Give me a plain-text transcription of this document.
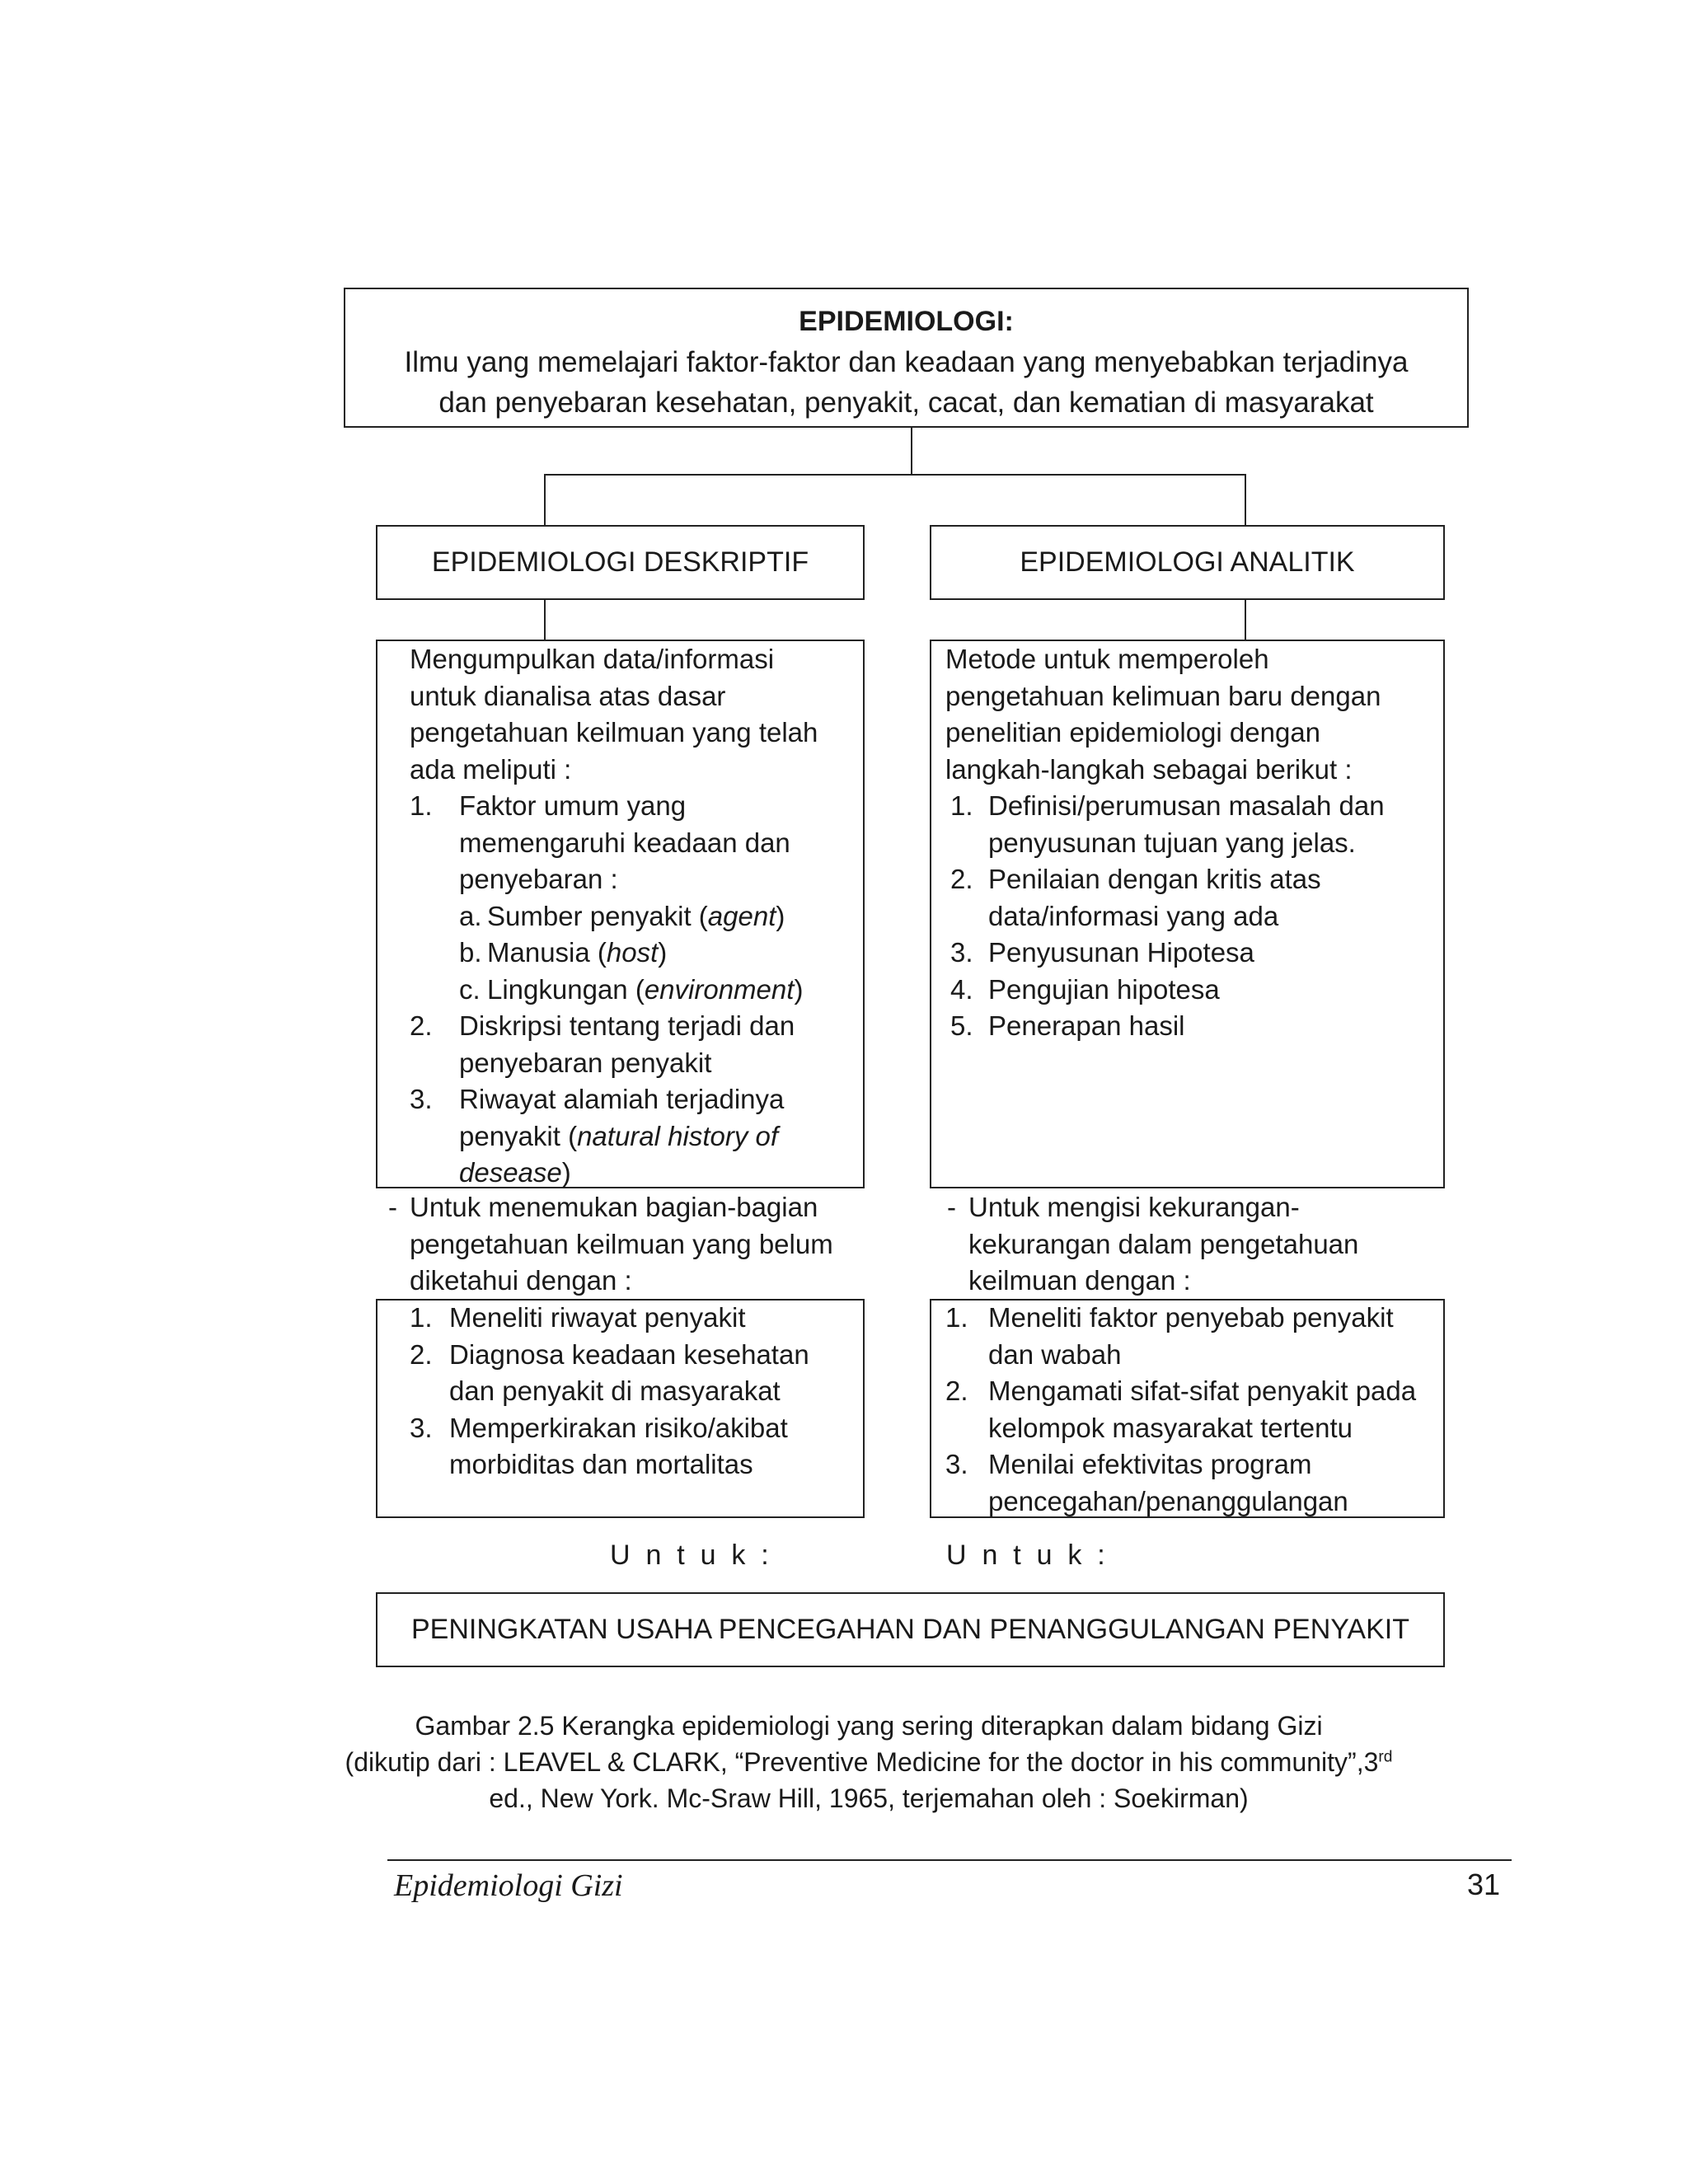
EPIDEMIOLOGI:
Ilmu yang memelajari faktor-faktor dan keadaan yang menyebabkan terjadinya
dan penyebaran kesehatan, penyakit, cacat, dan kematian di masyarakat
EPIDEMIOLOGI DESKRIPTIF	EPIDEMIOLOGI ANALITIK
Mengumpulkan data/informasi untuk dianalisa atas dasar pengetahuan keilmuan yang telah ada meliputi :
1. Faktor umum yang memengaruhi keadaan dan penyebaran :
a. Sumber penyakit (agent)
b. Manusia (host)
c. Lingkungan (environment)
2. Diskripsi tentang terjadi dan penyebaran penyakit
3. Riwayat alamiah terjadinya penyakit (natural history of desease)
Metode untuk memperoleh pengetahuan kelimuan baru dengan penelitian epidemiologi dengan langkah-langkah sebagai berikut :
1. Definisi/perumusan masalah dan penyusunan tujuan yang jelas.
2. Penilaian dengan kritis atas data/informasi yang ada
3. Penyusunan Hipotesa
4. Pengujian hipotesa
5. Penerapan hasil
- Untuk menemukan bagian-bagian pengetahuan keilmuan yang belum diketahui dengan :
- Untuk mengisi kekurangan-kekurangan dalam pengetahuan keilmuan dengan :
1. Meneliti riwayat penyakit
2. Diagnosa keadaan kesehatan dan penyakit di masyarakat
3. Memperkirakan risiko/akibat morbiditas dan mortalitas
1. Meneliti faktor penyebab penyakit dan wabah
2. Mengamati sifat-sifat penyakit pada kelompok masyarakat tertentu
3. Menilai efektivitas program pencegahan/penanggulangan
U  n  t  u  k  :	U  n  t  u  k  :
PENINGKATAN USAHA PENCEGAHAN DAN PENANGGULANGAN PENYAKIT
Gambar 2.5 Kerangka epidemiologi yang sering diterapkan dalam bidang Gizi
(dikutip dari : LEAVEL & CLARK, “Preventive Medicine for the doctor in his community”,3rd
ed., New York. Mc-Sraw Hill, 1965, terjemahan oleh : Soekirman)
Epidemiologi Gizi	31
